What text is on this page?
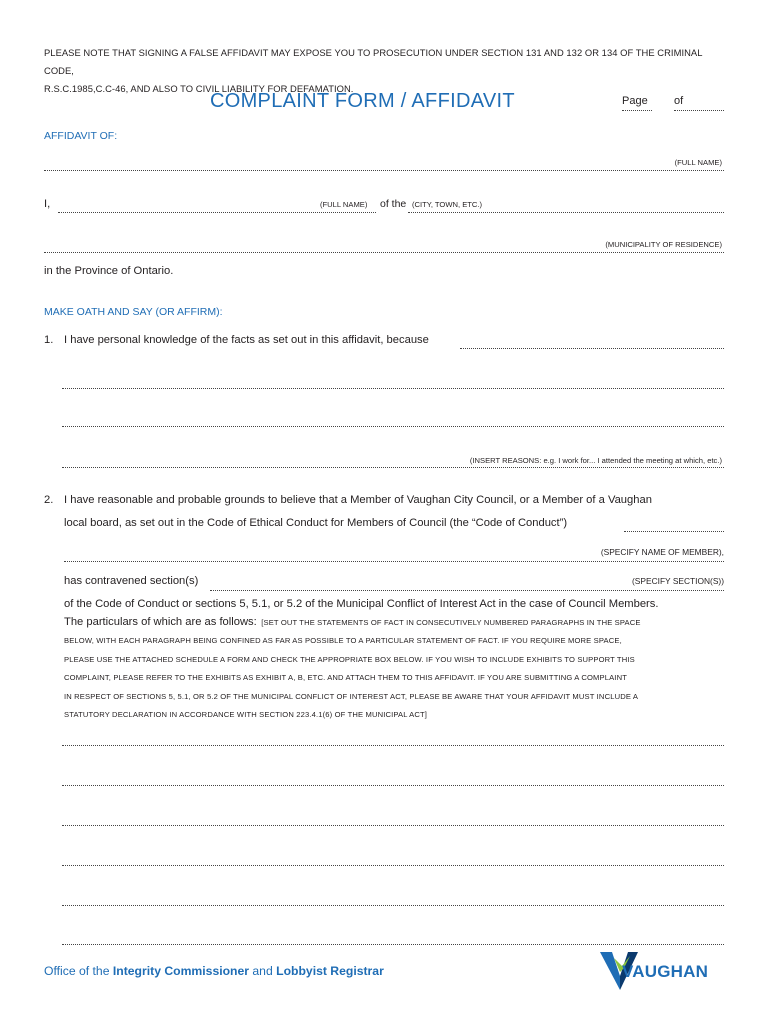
PLEASE NOTE THAT SIGNING A FALSE AFFIDAVIT MAY EXPOSE YOU TO PROSECUTION UNDER SECTION 131 AND 132 OR 134 OF THE CRIMINAL CODE,
R.S.C.1985,C.C-46, AND ALSO TO CIVIL LIABILITY FOR DEFAMATION.
COMPLAINT FORM / AFFIDAVIT	Page of
AFFIDAVIT OF:
(FULL NAME)
I,	(FULL NAME) of the (CITY, TOWN, ETC.)
(MUNICIPALITY OF RESIDENCE)
in the Province of Ontario.
MAKE OATH AND SAY (OR AFFIRM):
1. I have personal knowledge of the facts as set out in this affidavit, because
(INSERT REASONS: e.g. I work for... I attended the meeting at which, etc.)
2. I have reasonable and probable grounds to believe that a Member of Vaughan City Council, or a Member of a Vaughan
local board, as set out in the Code of Ethical Conduct for Members of Council (the “Code of Conduct”)
(SPECIFY NAME OF MEMBER),
has contravened section(s)	(SPECIFY SECTION(S))
of the Code of Conduct or sections 5, 5.1, or 5.2 of the Municipal Conflict of Interest Act in the case of Council Members.
The particulars of which are as follows: [SET OUT THE STATEMENTS OF FACT IN CONSECUTIVELY NUMBERED PARAGRAPHS IN THE SPACE
BELOW, WITH EACH PARAGRAPH BEING CONFINED AS FAR AS POSSIBLE TO A PARTICULAR STATEMENT OF FACT. IF YOU REQUIRE MORE SPACE,
PLEASE USE THE ATTACHED SCHEDULE A FORM AND CHECK THE APPROPRIATE BOX BELOW. IF YOU WISH TO INCLUDE EXHIBITS TO SUPPORT THIS
COMPLAINT, PLEASE REFER TO THE EXHIBITS AS EXHIBIT A, B, ETC. AND ATTACH THEM TO THIS AFFIDAVIT. IF YOU ARE SUBMITTING A COMPLAINT
IN RESPECT OF SECTIONS 5, 5.1, OR 5.2 OF THE MUNICIPAL CONFLICT OF INTEREST ACT, PLEASE BE AWARE THAT YOUR AFFIDAVIT MUST INCLUDE A
STATUTORY DECLARATION IN ACCORDANCE WITH SECTION 223.4.1(6) OF THE MUNICIPAL ACT]
Office of the Integrity Commissioner and Lobbyist Registrar	VAUGHAN
